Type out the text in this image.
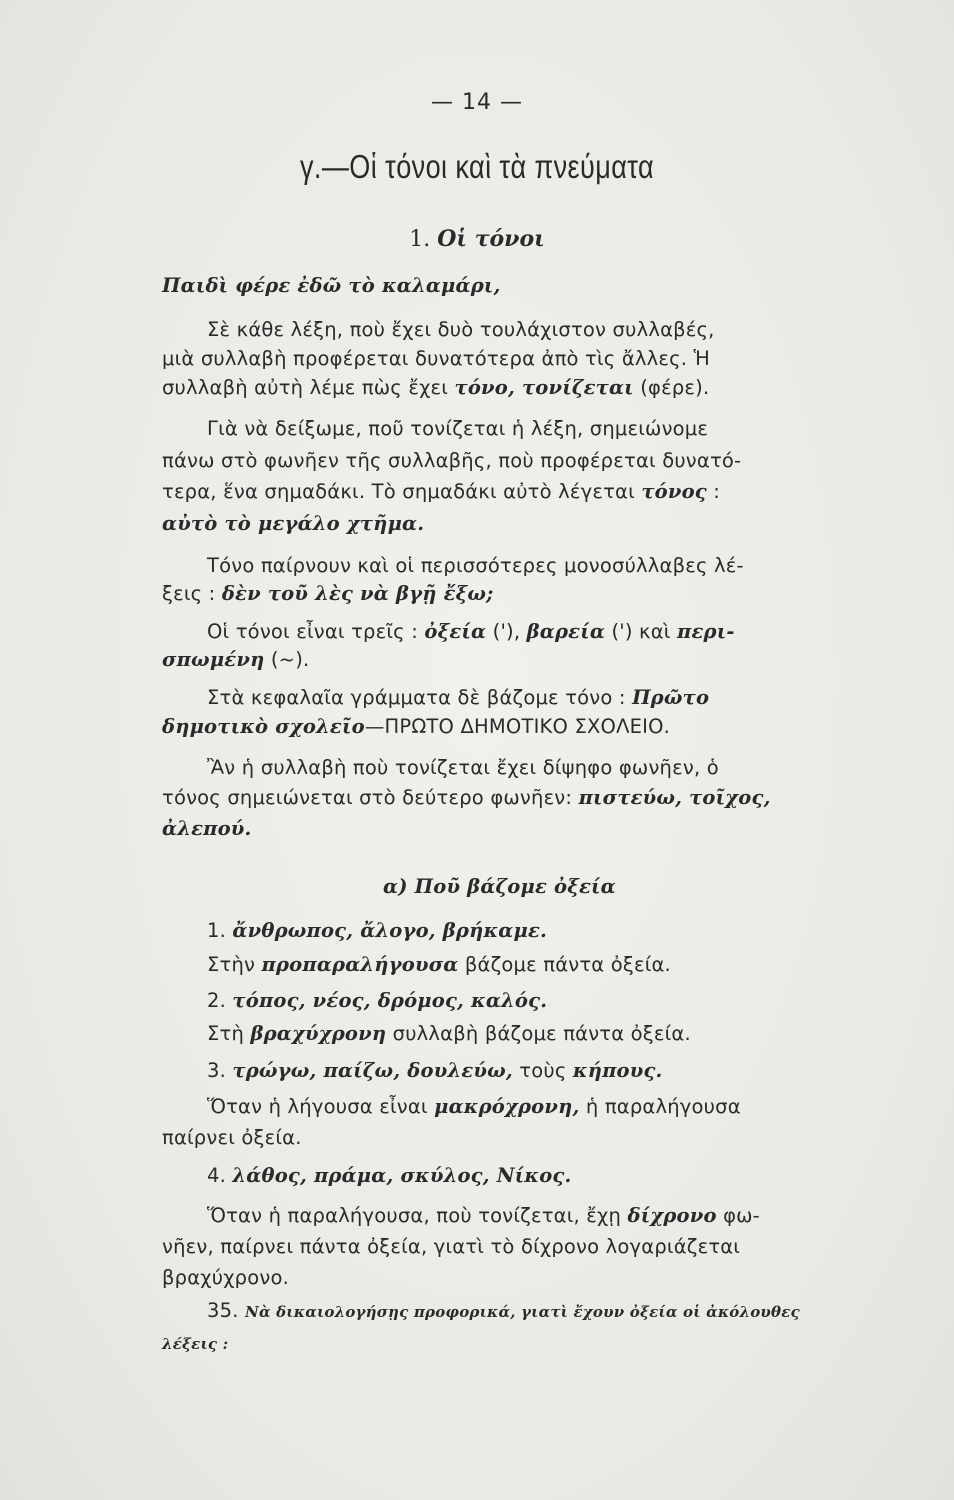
— 14 —
γ.—Οἱ τόνοι καὶ τὰ πνεύματα
1. Οἱ τόνοι
Παιδὶ φέρε ἐδῶ τὸ καλαμάρι,
Σὲ κάθε λέξη, ποὺ ἔχει δυὸ τουλάχιστον συλλαβές,
μιὰ συλλαβὴ προφέρεται δυνατότερα ἀπὸ τὶς ἄλλες. Ἡ
συλλαβὴ αὐτὴ λέμε πὼς ἔχει τόνο, τονίζεται (φέρε).
Γιὰ νὰ δείξωμε, ποῦ τονίζεται ἡ λέξη, σημειώνομε
πάνω στὸ φωνῆεν τῆς συλλαβῆς, ποὺ προφέρεται δυνατό-
τερα, ἕνα σημαδάκι. Τὸ σημαδάκι αὐτὸ λέγεται τόνος :
αὐτὸ τὸ μεγάλο χτῆμα.
Τόνο παίρνουν καὶ οἱ περισσότερες μονοσύλλαβες λέ-
ξεις : δὲν τοῦ λὲς νὰ βγῇ ἔξω;
Οἱ τόνοι εἶναι τρεῖς : ὀξεία ('), βαρεία (') καὶ περι-
σπωμένη (~).
Στὰ κεφαλαῖα γράμματα δὲ βάζομε τόνο : Πρῶτο
δημοτικὸ σχολεῖο—ΠΡΩΤΟ ΔΗΜΟΤΙΚΟ ΣΧΟΛΕΙΟ.
Ἂν ἡ συλλαβὴ ποὺ τονίζεται ἔχει δίψηφο φωνῆεν, ὁ
τόνος σημειώνεται στὸ δεύτερο φωνῆεν: πιστεύω, τοῖχος,
ἀλεπού.
α) Ποῦ βάζομε ὀξεία
1. ἄνθρωπος, ἄλογο, βρήκαμε.
Στὴν προπαραλήγουσα βάζομε πάντα ὀξεία.
2. τόπος, νέος, δρόμος, καλός.
Στὴ βραχύχρονη συλλαβὴ βάζομε πάντα ὀξεία.
3. τρώγω, παίζω, δουλεύω, τοὺς κήπους.
Ὅταν ἡ λήγουσα εἶναι μακρόχρονη, ἡ παραλήγουσα
παίρνει ὀξεία.
4. λάθος, πράμα, σκύλος, Νίκος.
Ὅταν ἡ παραλήγουσα, ποὺ τονίζεται, ἔχῃ δίχρονο φω-
νῆεν, παίρνει πάντα ὀξεία, γιατὶ τὸ δίχρονο λογαριάζεται
βραχύχρονο.
35. Νὰ δικαιολογήσῃς προφορικά, γιατὶ ἔχουν ὀξεία οἱ ἀκόλουθες
λέξεις :
